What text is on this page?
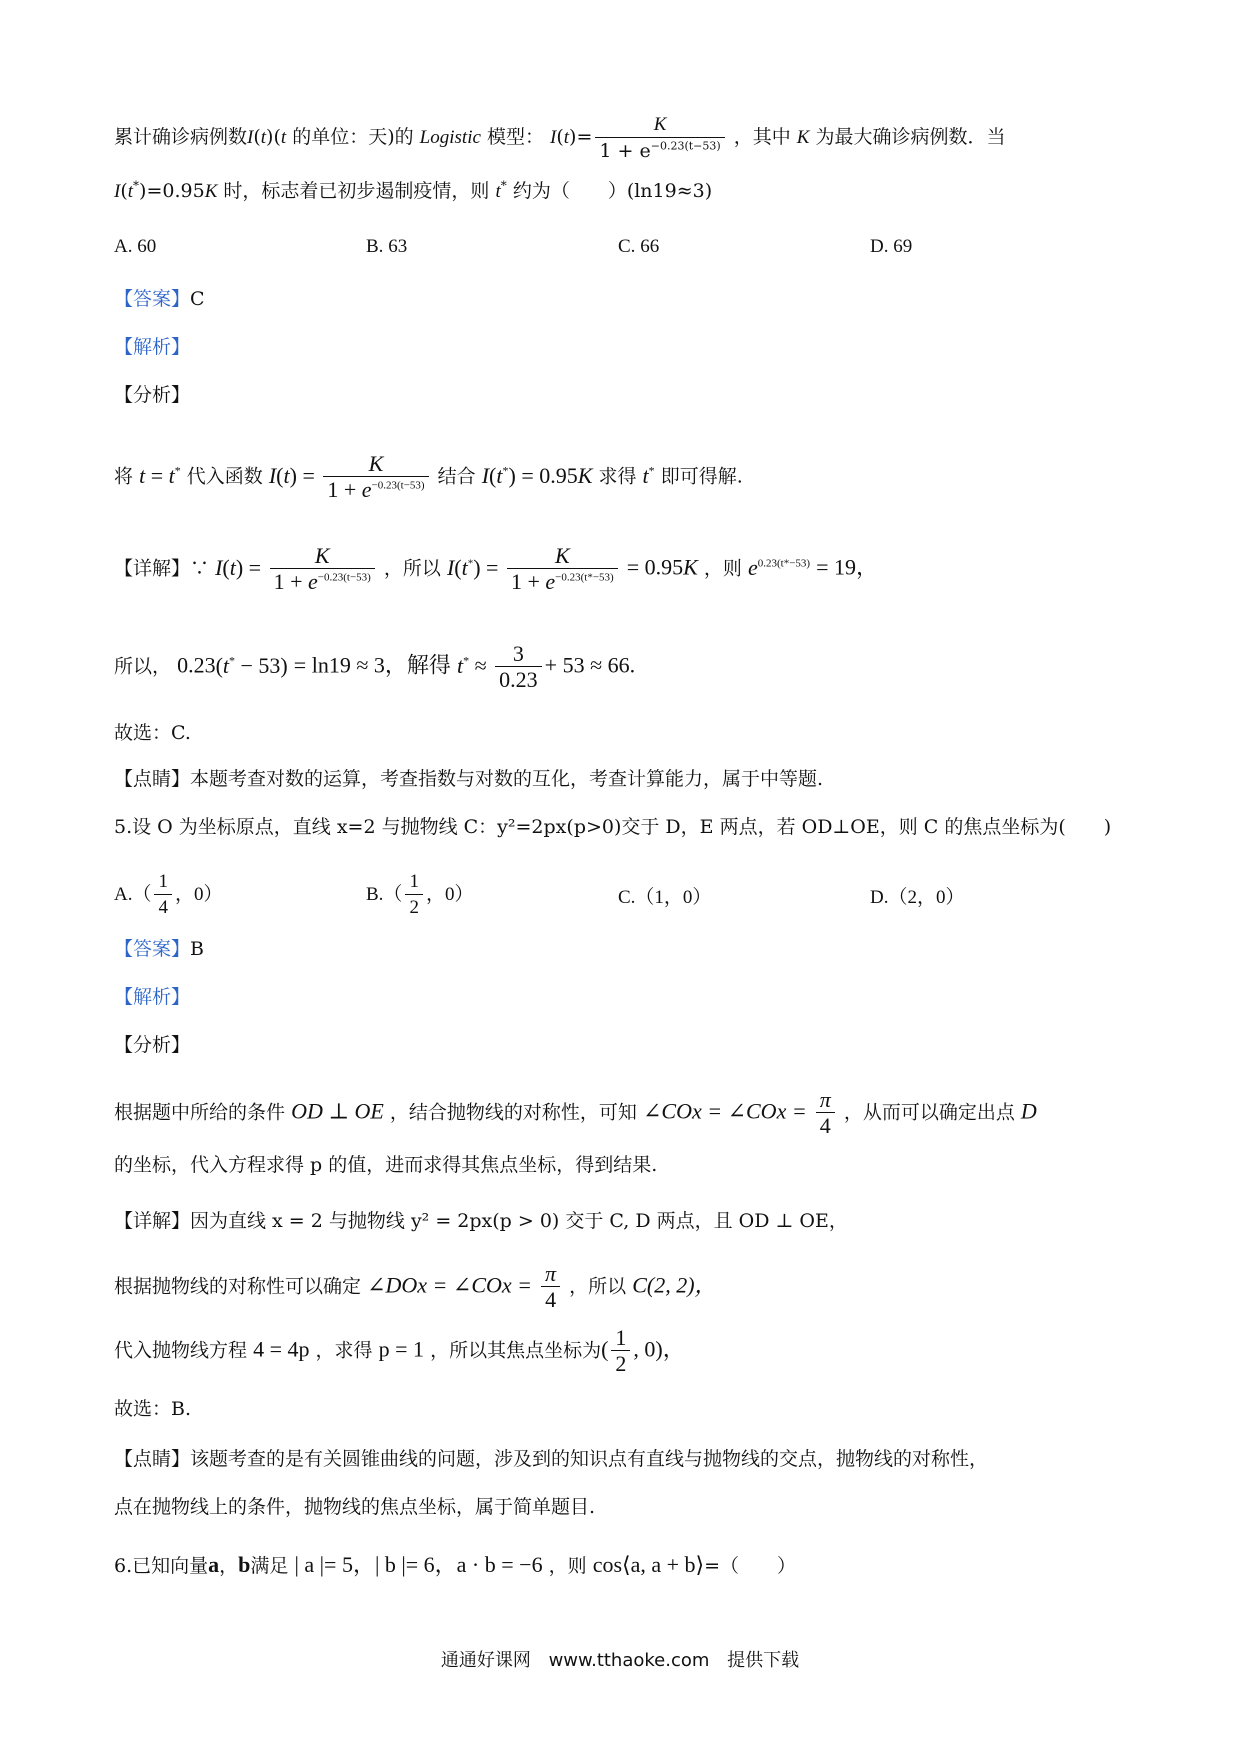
累计确诊病例数I(t)(t 的单位：天)的 Logistic 模型： $I(t)= \frac{K}{1 + e^{-0.23(t-53)}}$ ，其中 K 为最大确诊病例数．当
I(t*)=0.95K 时，标志着已初步遏制疫情，则 t* 约为（　　）(ln19≈3)
A. 60	B. 63	C. 66	D. 69
【答案】C
【解析】
【分析】
将 t = t* 代入函数 $I(t) = \frac{K}{1 + e^{-0.23(t-53)}}$ 结合 I(t*) = 0.95K 求得 t* 即可得解.
【详解】∵ $I(t) = \frac{K}{1 + e^{-0.23(t-53)}}$ ，所以 $I(t^*) = \frac{K}{1 + e^{-0.23(t*-53)}} = 0.95K$ ，则 $e^{0.23(t*-53)} = 19$，
所以， 0.23(t* − 53) = ln19 ≈ 3，解得 $t^* \approx \frac{3}{0.23} + 53 \approx 66$.
故选：C.
【点睛】本题考查对数的运算，考查指数与对数的互化，考查计算能力，属于中等题.
5.设 O 为坐标原点，直线 x=2 与抛物线 C：y²=2px(p>0)交于 D，E 两点，若 OD⊥OE，则 C 的焦点坐标为(　　)
$A.( \frac{1}{4}$ ，0）	$B.( \frac{1}{2}$ ，0）	C.（1，0）	D.（2，0）
【答案】B
【解析】
【分析】
根据题中所给的条件 OD ⊥ OE ，结合抛物线的对称性，可知 ∠COx = ∠COx = $\frac{\pi}{4}$ ，从而可以确定出点 D
的坐标，代入方程求得 p 的值，进而求得其焦点坐标，得到结果.
【详解】因为直线 x = 2 与抛物线 y² = 2px(p > 0) 交于 C, D 两点，且 OD ⊥ OE，
根据抛物线的对称性可以确定 ∠DOx = ∠COx = $\frac{\pi}{4}$ ，所以 C(2, 2)，
代入抛物线方程 4 = 4p ，求得 p = 1 ，所以其焦点坐标为( $\frac{1}{2}$ , 0)，
故选：B.
【点睛】该题考查的是有关圆锥曲线的问题，涉及到的知识点有直线与抛物线的交点，抛物线的对称性，
点在抛物线上的条件，抛物线的焦点坐标，属于简单题目.
6.已知向量a，b满足 | a |= 5，| b |= 6，a · b = −6 ，则 cos⟨a, a + b⟩=（　　）
通通好课网 www.tthaoke.com 提供下载
